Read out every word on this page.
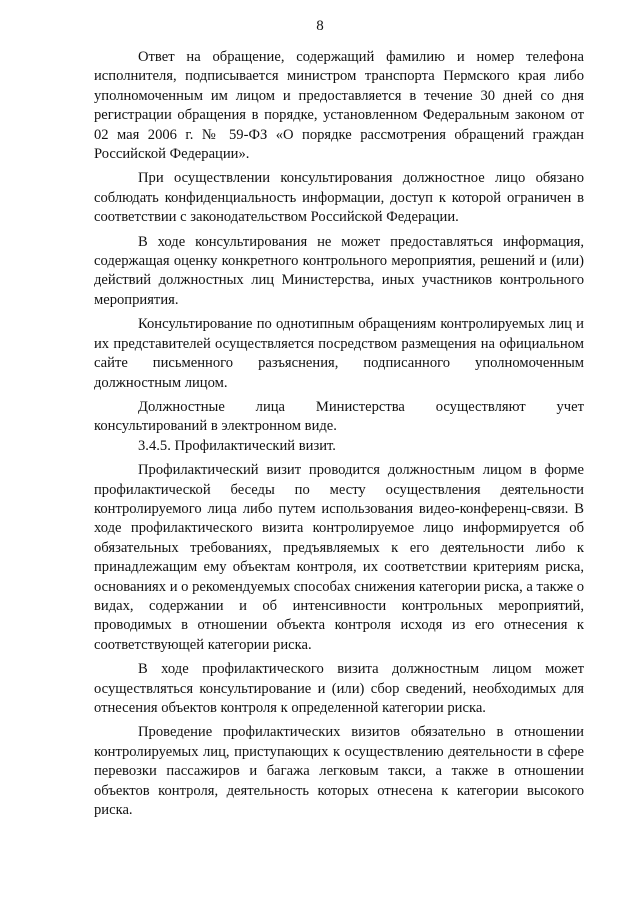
8

Ответ на обращение, содержащий фамилию и номер телефона исполнителя, подписывается министром транспорта Пермского края либо уполномоченным им лицом и предоставляется в течение 30 дней со дня регистрации обращения в порядке, установленном Федеральным законом от 02 мая 2006 г. № 59-ФЗ «О порядке рассмотрения обращений граждан Российской Федерации».

При осуществлении консультирования должностное лицо обязано соблюдать конфиденциальность информации, доступ к которой ограничен в соответствии с законодательством Российской Федерации.

В ходе консультирования не может предоставляться информация, содержащая оценку конкретного контрольного мероприятия, решений и (или) действий должностных лиц Министерства, иных участников контрольного мероприятия.

Консультирование по однотипным обращениям контролируемых лиц и их представителей осуществляется посредством размещения на официальном сайте письменного разъяснения, подписанного уполномоченным должностным лицом.

Должностные лица Министерства осуществляют учет консультирований в электронном виде.

3.4.5. Профилактический визит.

Профилактический визит проводится должностным лицом в форме профилактической беседы по месту осуществления деятельности контролируемого лица либо путем использования видео-конференц-связи. В ходе профилактического визита контролируемое лицо информируется об обязательных требованиях, предъявляемых к его деятельности либо к принадлежащим ему объектам контроля, их соответствии критериям риска, основаниях и о рекомендуемых способах снижения категории риска, а также о видах, содержании и об интенсивности контрольных мероприятий, проводимых в отношении объекта контроля исходя из его отнесения к соответствующей категории риска.

В ходе профилактического визита должностным лицом может осуществляться консультирование и (или) сбор сведений, необходимых для отнесения объектов контроля к определенной категории риска.

Проведение профилактических визитов обязательно в отношении контролируемых лиц, приступающих к осуществлению деятельности в сфере перевозки пассажиров и багажа легковым такси, а также в отношении объектов контроля, деятельность которых отнесена к категории высокого риска.
